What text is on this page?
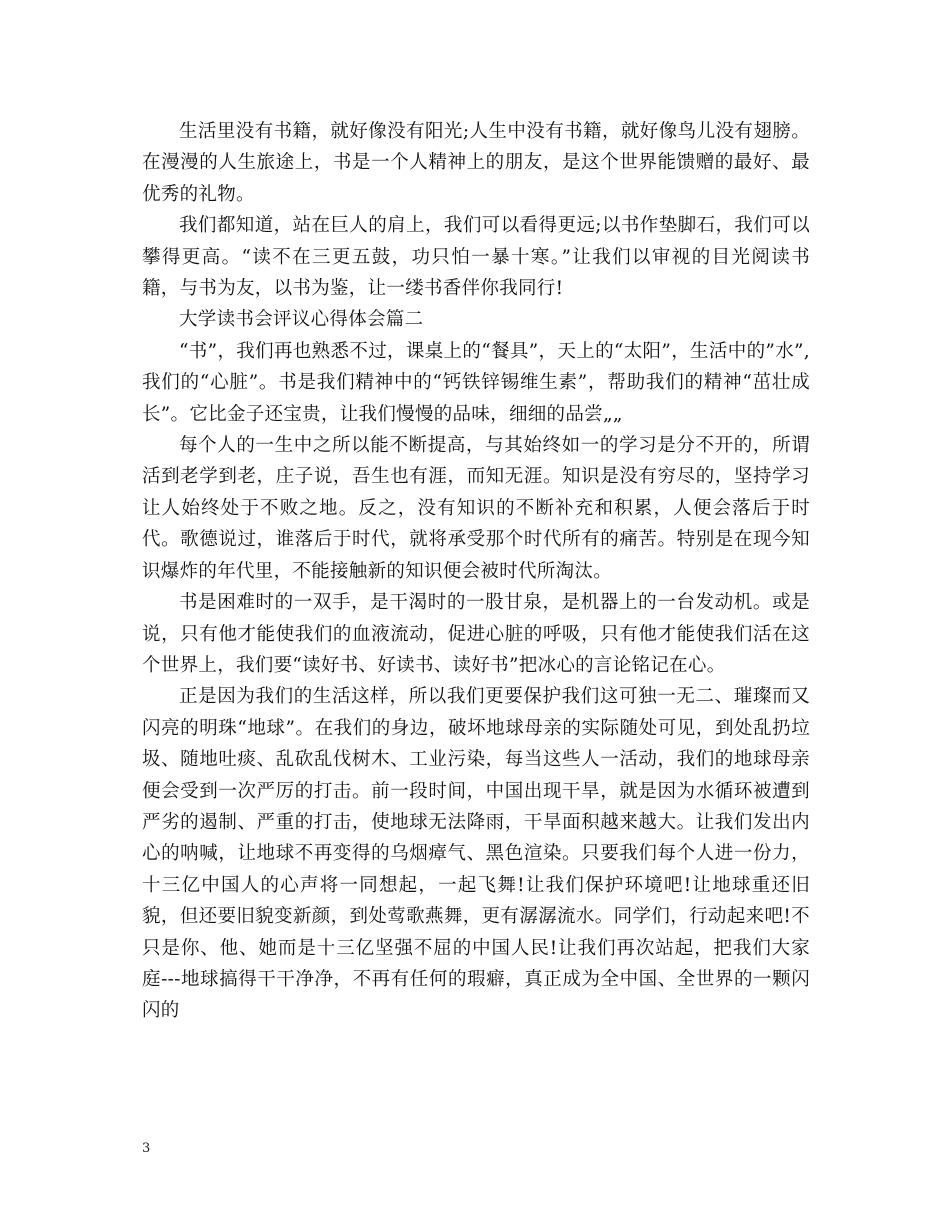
生活里没有书籍，就好像没有阳光;人生中没有书籍，就好像鸟儿没有翅膀。在漫漫的人生旅途上，书是一个人精神上的朋友，是这个世界能馈赠的最好、最优秀的礼物。

我们都知道，站在巨人的肩上，我们可以看得更远;以书作垫脚石，我们可以攀得更高。“读不在三更五鼓，功只怕一暴十寒。”让我们以审视的目光阅读书籍，与书为友，以书为鉴，让一缕书香伴你我同行!

大学读书会评议心得体会篇二

“书”，我们再也熟悉不过，课桌上的“餐具”，天上的“太阳”，生活中的”水”,我们的“心脏”。书是我们精神中的“钙铁锌锡维生素”，帮助我们的精神“茁壮成长”。它比金子还宝贵，让我们慢慢的品味，细细的品尝„„

每个人的一生中之所以能不断提高，与其始终如一的学习是分不开的，所谓活到老学到老，庄子说，吾生也有涯，而知无涯。知识是没有穷尽的，坚持学习让人始终处于不败之地。反之，没有知识的不断补充和积累，人便会落后于时代。歌德说过，谁落后于时代，就将承受那个时代所有的痛苦。特别是在现今知识爆炸的年代里，不能接触新的知识便会被时代所淘汰。

书是困难时的一双手，是干渴时的一股甘泉，是机器上的一台发动机。或是说，只有他才能使我们的血液流动，促进心脏的呼吸，只有他才能使我们活在这个世界上，我们要“读好书、好读书、读好书”把冰心的言论铭记在心。

正是因为我们的生活这样，所以我们更要保护我们这可独一无二、璀璨而又闪亮的明珠“地球”。在我们的身边，破坏地球母亲的实际随处可见，到处乱扔垃圾、随地吐痰、乱砍乱伐树木、工业污染，每当这些人一活动，我们的地球母亲便会受到一次严厉的打击。前一段时间，中国出现干旱，就是因为水循环被遭到严劣的遏制、严重的打击，使地球无法降雨，干旱面积越来越大。让我们发出内心的呐喊，让地球不再变得的乌烟瘴气、黑色渲染。只要我们每个人进一份力，十三亿中国人的心声将一同想起，一起飞舞!让我们保护环境吧!让地球重还旧貌，但还要旧貌变新颜，到处莺歌燕舞，更有潺潺流水。同学们，行动起来吧!不只是你、他、她而是十三亿坚强不屈的中国人民!让我们再次站起，把我们大家庭---地球搞得干干净净，不再有任何的瑕癖，真正成为全中国、全世界的一颗闪闪的

3
